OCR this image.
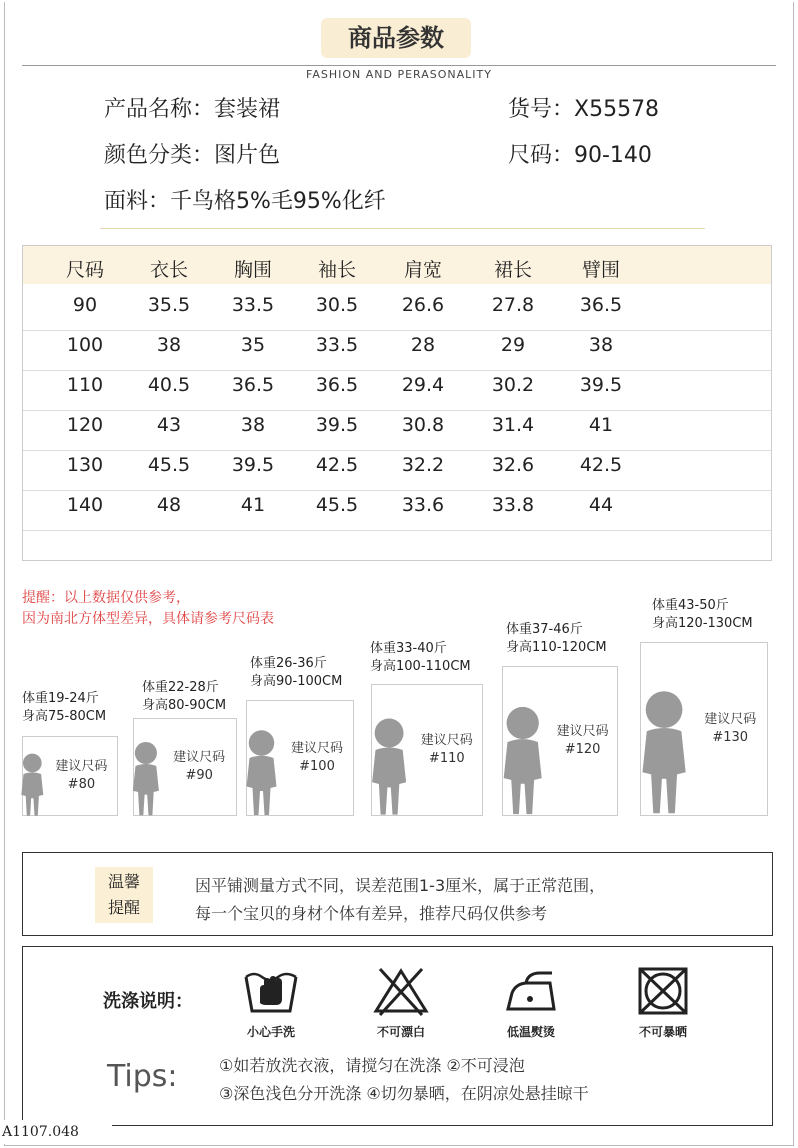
商品参数
FASHION AND PERASONALITY
产品名称：套装裙	货号：X55578
颜色分类：图片色	尺码：90-140
面料：千鸟格5%毛95%化纤
尺码	衣长	胸围	袖长	肩宽	裙长	臂围
90	35.5	33.5	30.5	26.6	27.8	36.5
100	38	35	33.5	28	29	38
110	40.5	36.5	36.5	29.4	30.2	39.5
120	43	38	39.5	30.8	31.4	41
130	45.5	39.5	42.5	32.2	32.6	42.5
140	48	41	45.5	33.6	33.8	44
提醒：以上数据仅供参考，
因为南北方体型差异，具体请参考尺码表
体重19-24斤
身高75-80CM
建议尺码
#80
体重22-28斤
身高80-90CM
建议尺码
#90
体重26-36斤
身高90-100CM
建议尺码
#100
体重33-40斤
身高100-110CM
建议尺码
#110
体重37-46斤
身高110-120CM
建议尺码
#120
体重43-50斤
身高120-130CM
建议尺码
#130
温馨
提醒
因平铺测量方式不同，误差范围1-3厘米，属于正常范围，
每一个宝贝的身材个体有差异，推荐尺码仅供参考
洗涤说明：
小心手洗	不可漂白	低温熨烫	不可暴晒
Tips:	①如若放洗衣液，请搅匀在洗涤 ②不可浸泡
③深色浅色分开洗涤 ④切勿暴晒，在阴凉处悬挂晾干
A1107.048
